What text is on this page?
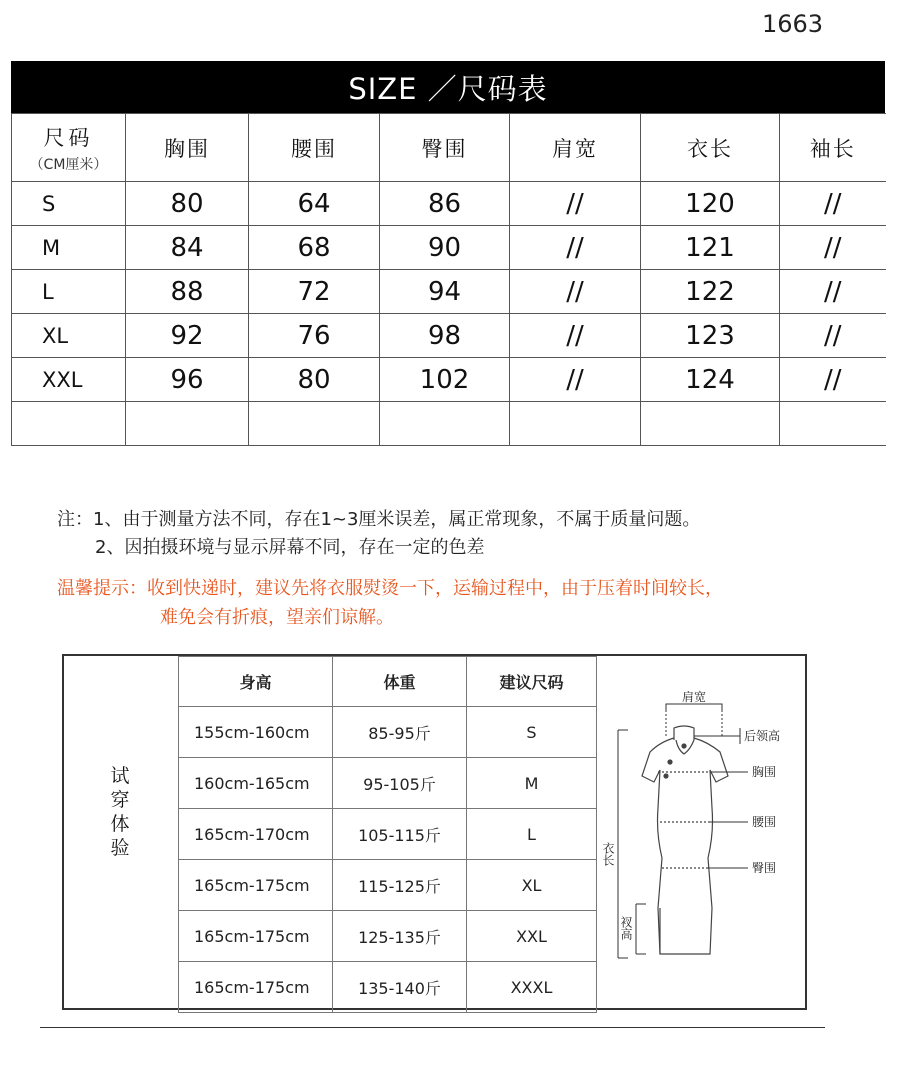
1663
SIZE ／尺码表
尺码
（CM厘米）	胸围	腰围	臀围	肩宽	衣长	袖长
S	80	64	86	//	120	//
M	84	68	90	//	121	//
L	88	72	94	//	122	//
XL	92	76	98	//	123	//
XXL	96	80	102	//	124	//

注：1、由于测量方法不同，存在1~3厘米误差，属正常现象，不属于质量问题。
2、因拍摄环境与显示屏幕不同，存在一定的色差
温馨提示：收到快递时，建议先将衣服熨烫一下，运输过程中，由于压着时间较长，
难免会有折痕，望亲们谅解。
试
穿
体
验
身高	体重	建议尺码
155cm-160cm	85-95斤	S
160cm-165cm	95-105斤	M
165cm-170cm	105-115斤	L
165cm-175cm	115-125斤	XL
165cm-175cm	125-135斤	XXL
165cm-175cm	135-140斤	XXXL
肩宽
后领高
胸围
腰围
臀围
衣长
衩高
